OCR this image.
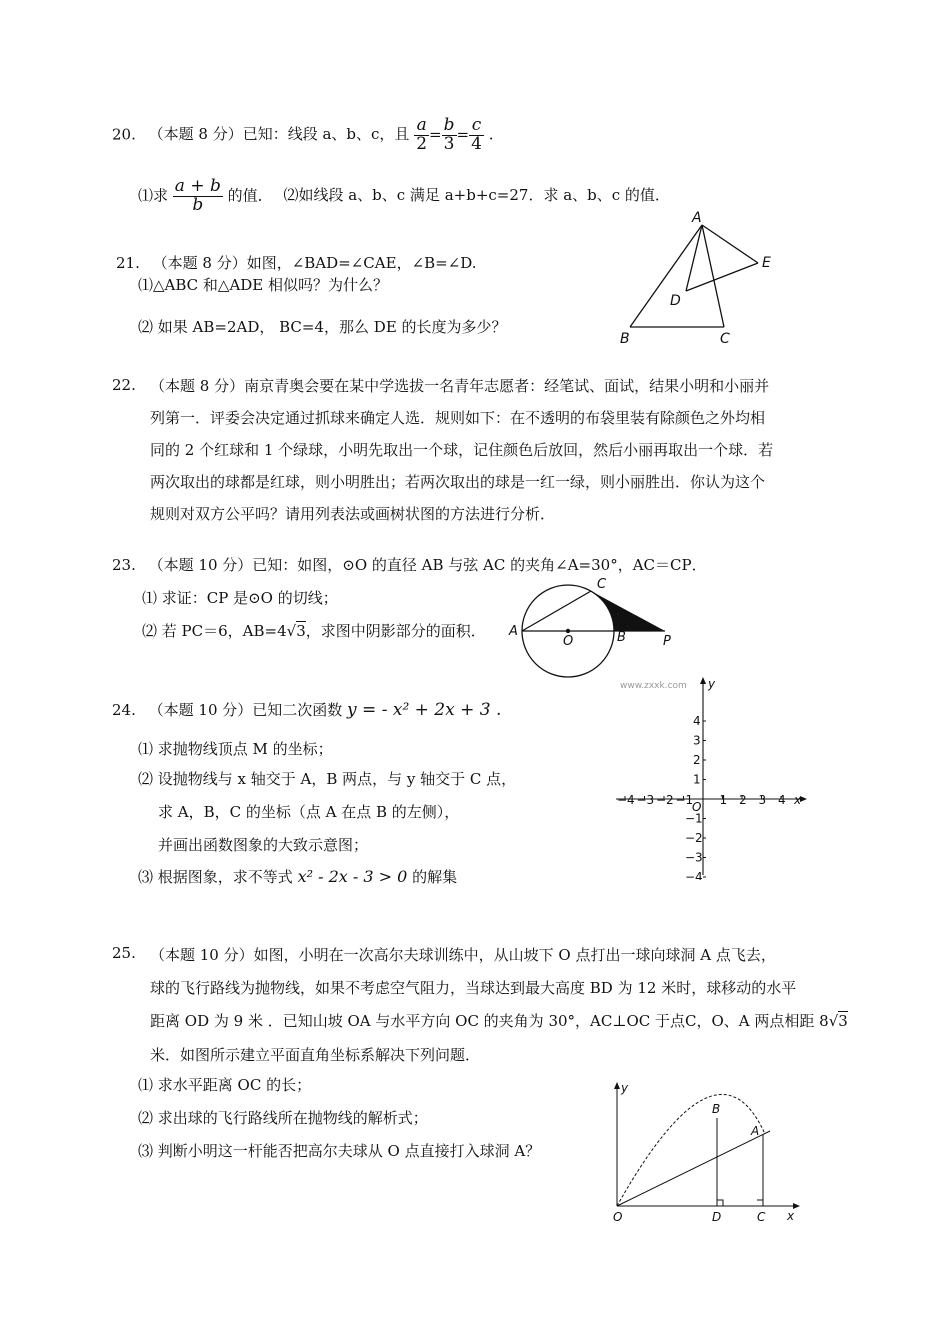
20. （本题 8 分）已知：线段 a、b、c，且 $\frac{a}{2} = \frac{b}{3} = \frac{c}{4}$ .
⑴求 $\frac{a + b}{b}$ 的值． ⑵如线段 a、b、c 满足 a+b+c=27．求 a、b、c 的值．
21. （本题 8 分）如图，∠BAD=∠CAE，∠B=∠D.
⑴△ABC 和△ADE 相似吗？为什么？
⑵ 如果 AB=2AD， BC=4，那么 DE 的长度为多少？
A
B	C
D
E
22. （本题 8 分）南京青奥会要在某中学选拔一名青年志愿者：经笔试、面试，结果小明和小丽并
列第一．评委会决定通过抓球来确定人选．规则如下：在不透明的布袋里装有除颜色之外均相
同的 2 个红球和 1 个绿球，小明先取出一个球，记住颜色后放回，然后小丽再取出一个球．若
两次取出的球都是红球，则小明胜出；若两次取出的球是一红一绿，则小丽胜出．你认为这个
规则对双方公平吗？请用列表法或画树状图的方法进行分析．
23. （本题 10 分）已知：如图，⊙O 的直径 AB 与弦 AC 的夹角∠A=30°，AC＝CP．
⑴ 求证：CP 是⊙O 的切线；
⑵ 若 PC＝6，AB=4√3，求图中阴影部分的面积． A
O	B
C
P
24. （本题 10 分）已知二次函数 y = - x² + 2x + 3 .
⑴ 求抛物线顶点 M 的坐标；
⑵ 设抛物线与 x 轴交于 A，B 两点，与 y 轴交于 C 点，
求 A，B，C 的坐标（点 A 在点 B 的左侧），
并画出函数图象的大致示意图；
⑶ 根据图象，求不等式 x² - 2x - 3 > 0 的解集
www.zxxk.com
−4 −3 −2 −1 1 2 3 4
4
3
2
1
−1
−2
−3
−4
x
y
O
25. （本题 10 分）如图，小明在一次高尔夫球训练中，从山坡下 O 点打出一球向球洞 A 点飞去，
球的飞行路线为抛物线，如果不考虑空气阻力，当球达到最大高度 BD 为 12 米时，球移动的水平
距离 OD 为 9 米 ．已知山坡 OA 与水平方向 OC 的夹角为 30°，AC⊥OC 于点C，O、A 两点相距 8√3
米．如图所示建立平面直角坐标系解决下列问题．
⑴ 求水平距离 OC 的长；
⑵ 求出球的飞行路线所在抛物线的解析式；
⑶ 判断小明这一杆能否把高尔夫球从 O 点直接打入球洞 A？
y
x
O
B
A
D	C
